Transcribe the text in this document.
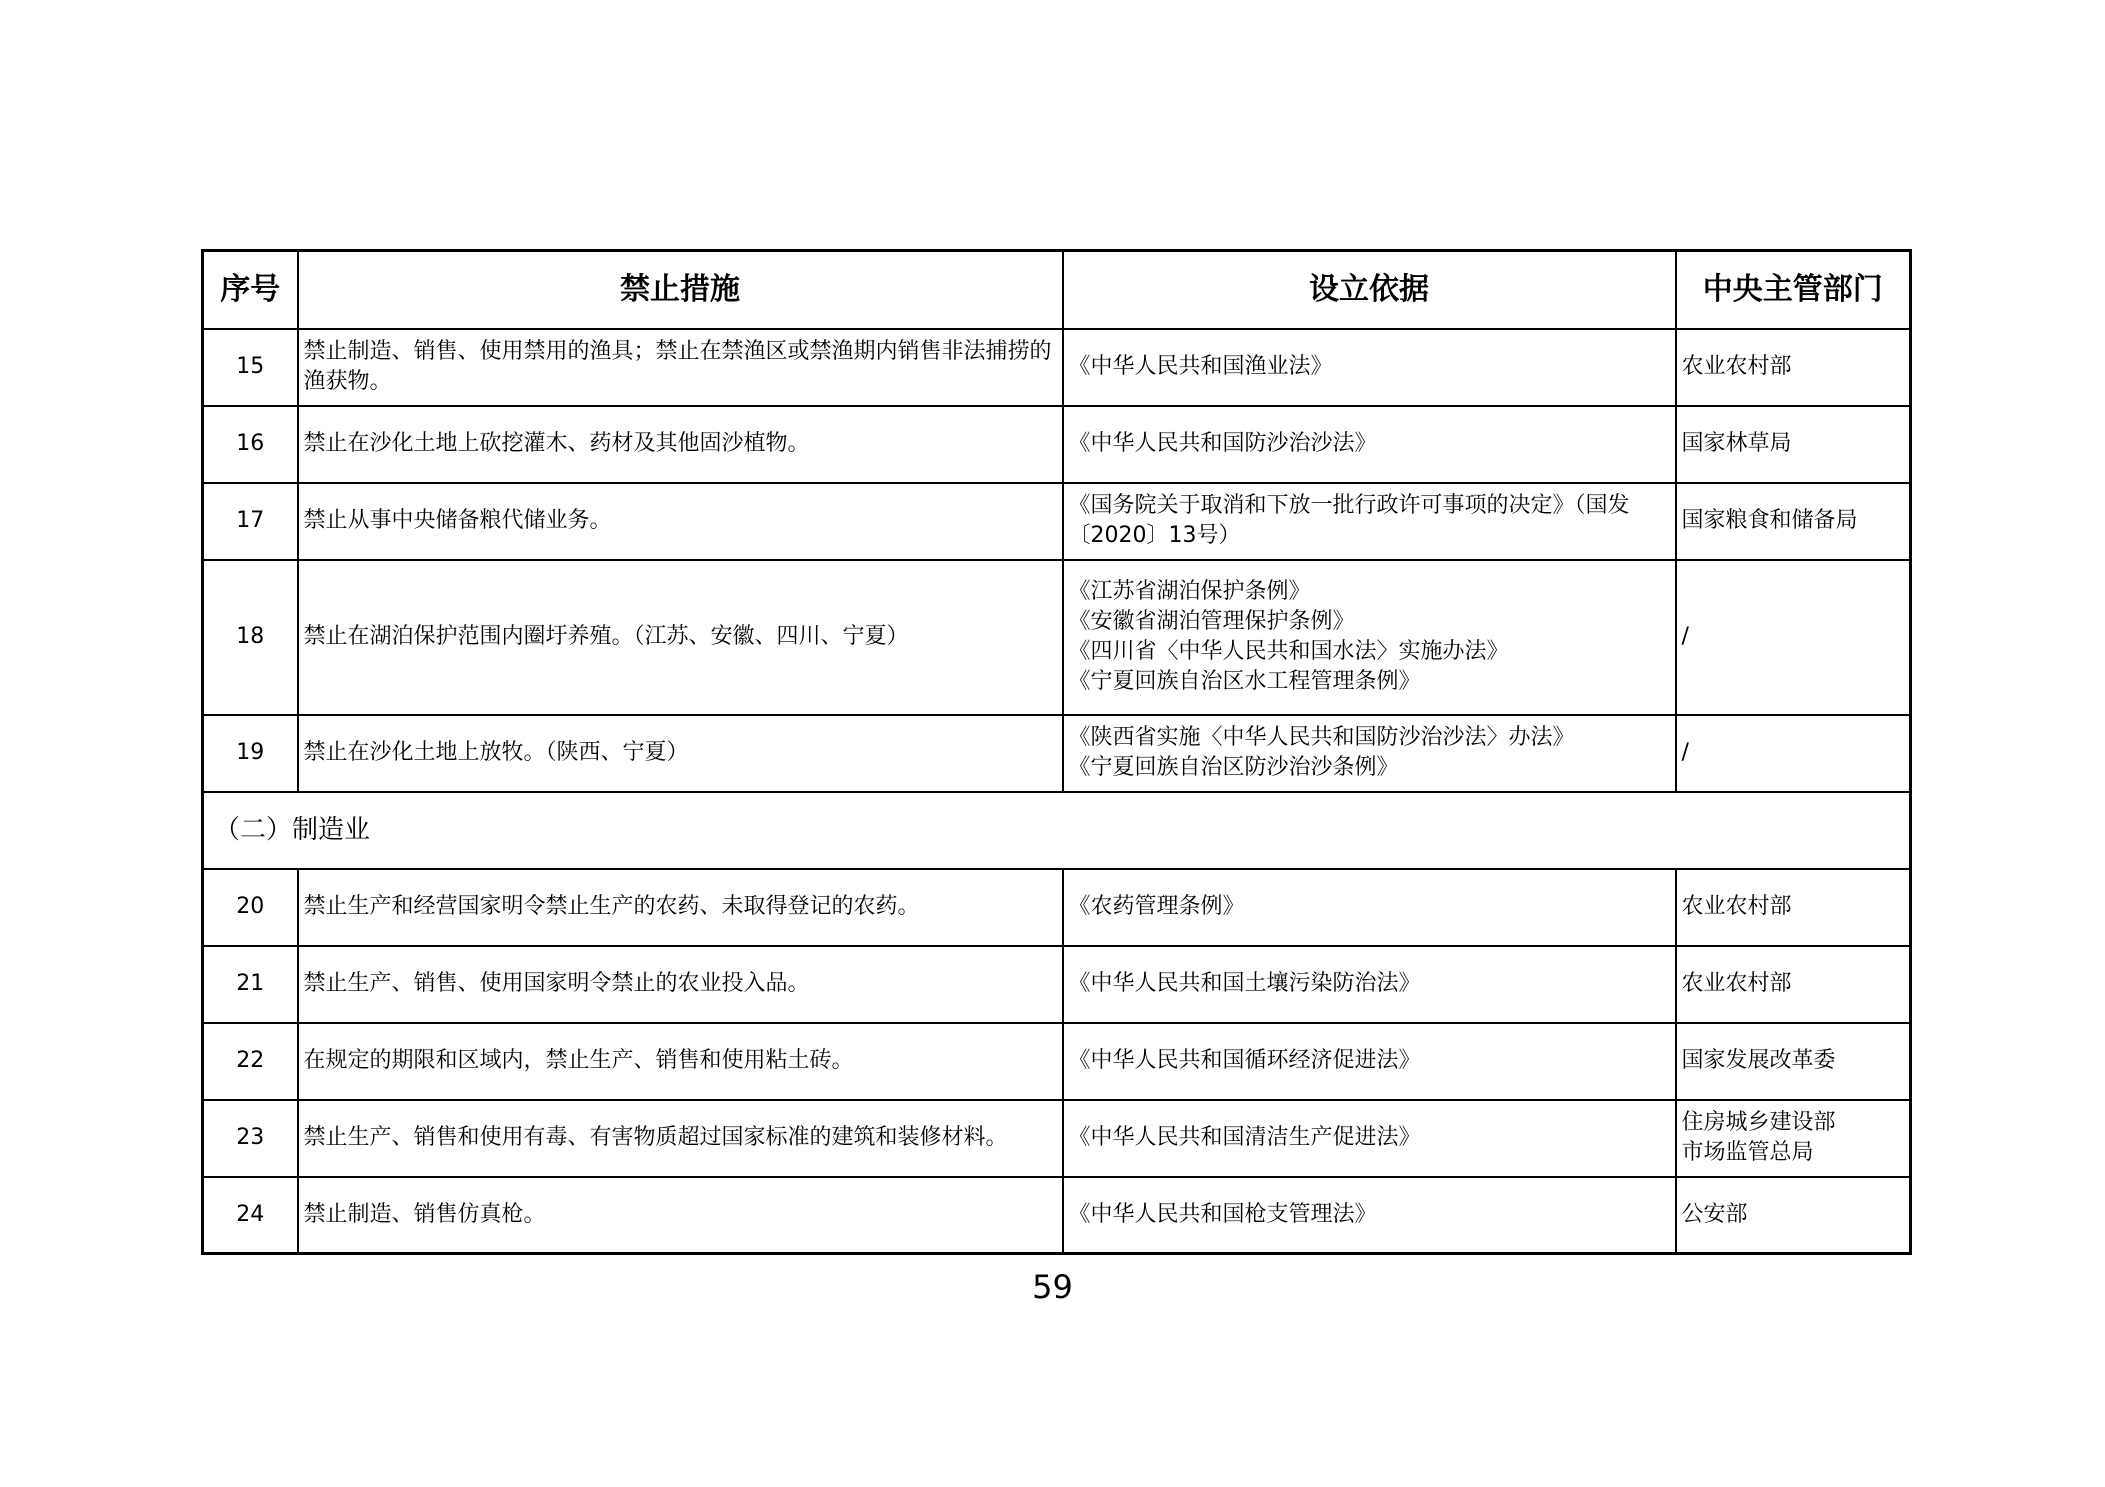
序号	禁止措施	设立依据	中央主管部门
15	禁止制造、销售、使用禁用的渔具；禁止在禁渔区或禁渔期内销售非法捕捞的渔获物。	《中华人民共和国渔业法》	农业农村部

16	禁止在沙化土地上砍挖灌木、药材及其他固沙植物。	《中华人民共和国防沙治沙法》	国家林草局

17	禁止从事中央储备粮代储业务。	《国务院关于取消和下放一批行政许可事项的决定》（国发〔2020〕13号）	国家粮食和储备局

18	禁止在湖泊保护范围内圈圩养殖。（江苏、安徽、四川、宁夏）	《江苏省湖泊保护条例》
《安徽省湖泊管理保护条例》
《四川省〈中华人民共和国水法〉实施办法》
《宁夏回族自治区水工程管理条例》	/

19	禁止在沙化土地上放牧。（陕西、宁夏）	《陕西省实施〈中华人民共和国防沙治沙法〉办法》
《宁夏回族自治区防沙治沙条例》	/

（二）制造业			
20	禁止生产和经营国家明令禁止生产的农药、未取得登记的农药。	《农药管理条例》	农业农村部

21	禁止生产、销售、使用国家明令禁止的农业投入品。	《中华人民共和国土壤污染防治法》	农业农村部

22	在规定的期限和区域内，禁止生产、销售和使用粘土砖。	《中华人民共和国循环经济促进法》	国家发展改革委

23	禁止生产、销售和使用有毒、有害物质超过国家标准的建筑和装修材料。	《中华人民共和国清洁生产促进法》	住房城乡建设部
市场监管总局

24	禁止制造、销售仿真枪。	《中华人民共和国枪支管理法》	公安部
59
